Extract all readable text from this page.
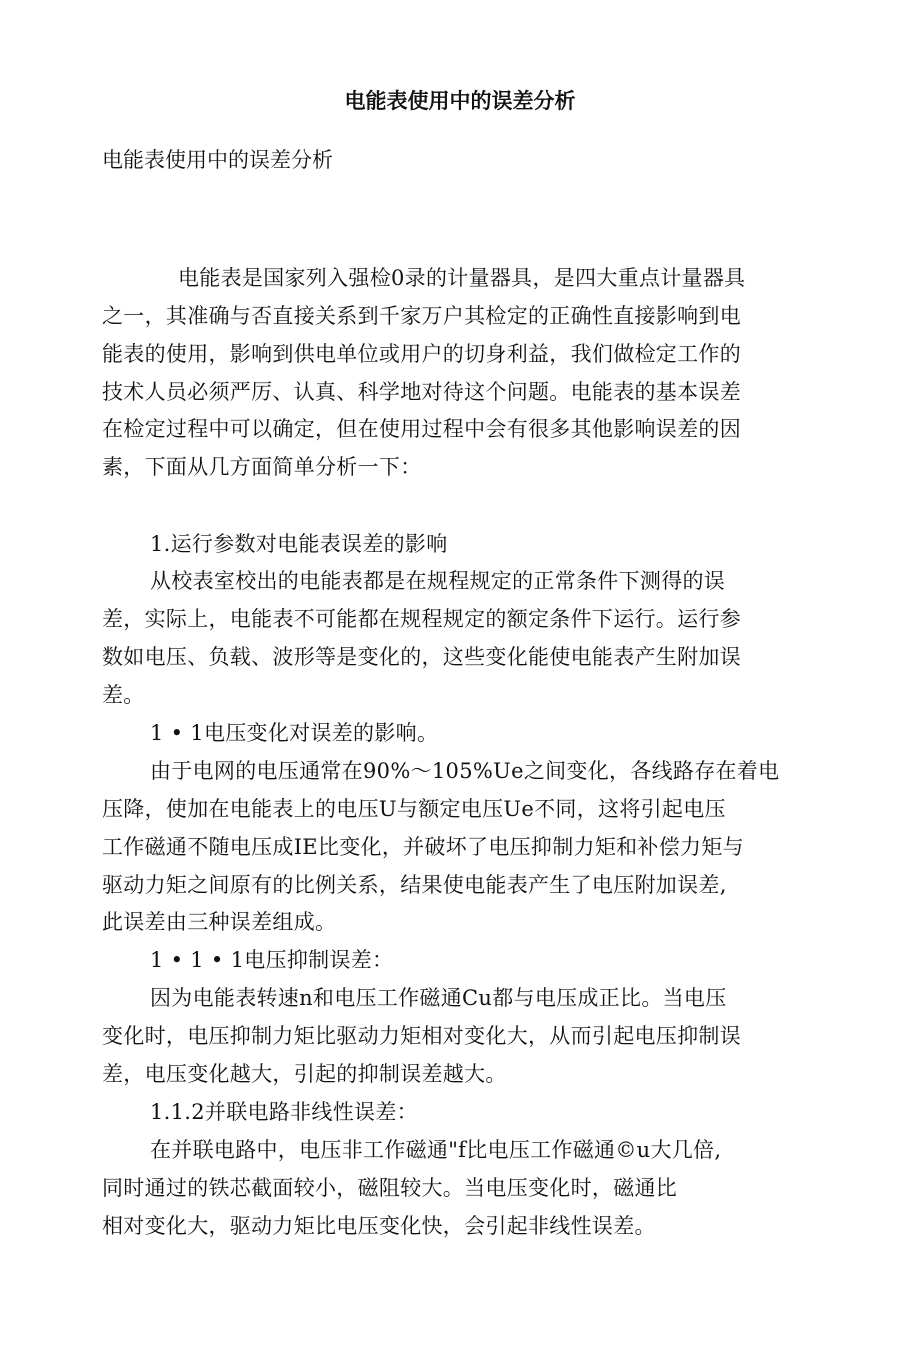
电能表使用中的误差分析
电能表使用中的误差分析
电能表是国家列入强检0录的计量器具，是四大重点计量器具
之一，其准确与否直接关系到千家万户其检定的正确性直接影响到电
能表的使用，影响到供电单位或用户的切身利益，我们做检定工作的
技术人员必须严厉、认真、科学地对待这个问题。电能表的基本误差
在检定过程中可以确定，但在使用过程中会有很多其他影响误差的因
素，下面从几方面简单分析一下：
1.运行参数对电能表误差的影响
从校表室校出的电能表都是在规程规定的正常条件下测得的误
差，实际上，电能表不可能都在规程规定的额定条件下运行。运行参
数如电压、负载、波形等是变化的，这些变化能使电能表产生附加误
差。
1 • 1电压变化对误差的影响。
由于电网的电压通常在90%～105%Ue之间变化，各线路存在着电
压降，使加在电能表上的电压U与额定电压Ue不同，这将引起电压
工作磁通不随电压成IE比变化，并破坏了电压抑制力矩和补偿力矩与
驱动力矩之间原有的比例关系，结果使电能表产生了电压附加误差,
此误差由三种误差组成。
1 • 1 • 1电压抑制误差：
因为电能表转速n和电压工作磁通Cu都与电压成正比。当电压
变化时，电压抑制力矩比驱动力矩相对变化大，从而引起电压抑制误
差，电压变化越大，引起的抑制误差越大。
1.1.2并联电路非线性误差：
在并联电路中，电压非工作磁通"f比电压工作磁通©u大几倍,
同时通过的铁芯截面较小，磁阻较大。当电压变化时，磁通比
相对变化大，驱动力矩比电压变化快，会引起非线性误差。
